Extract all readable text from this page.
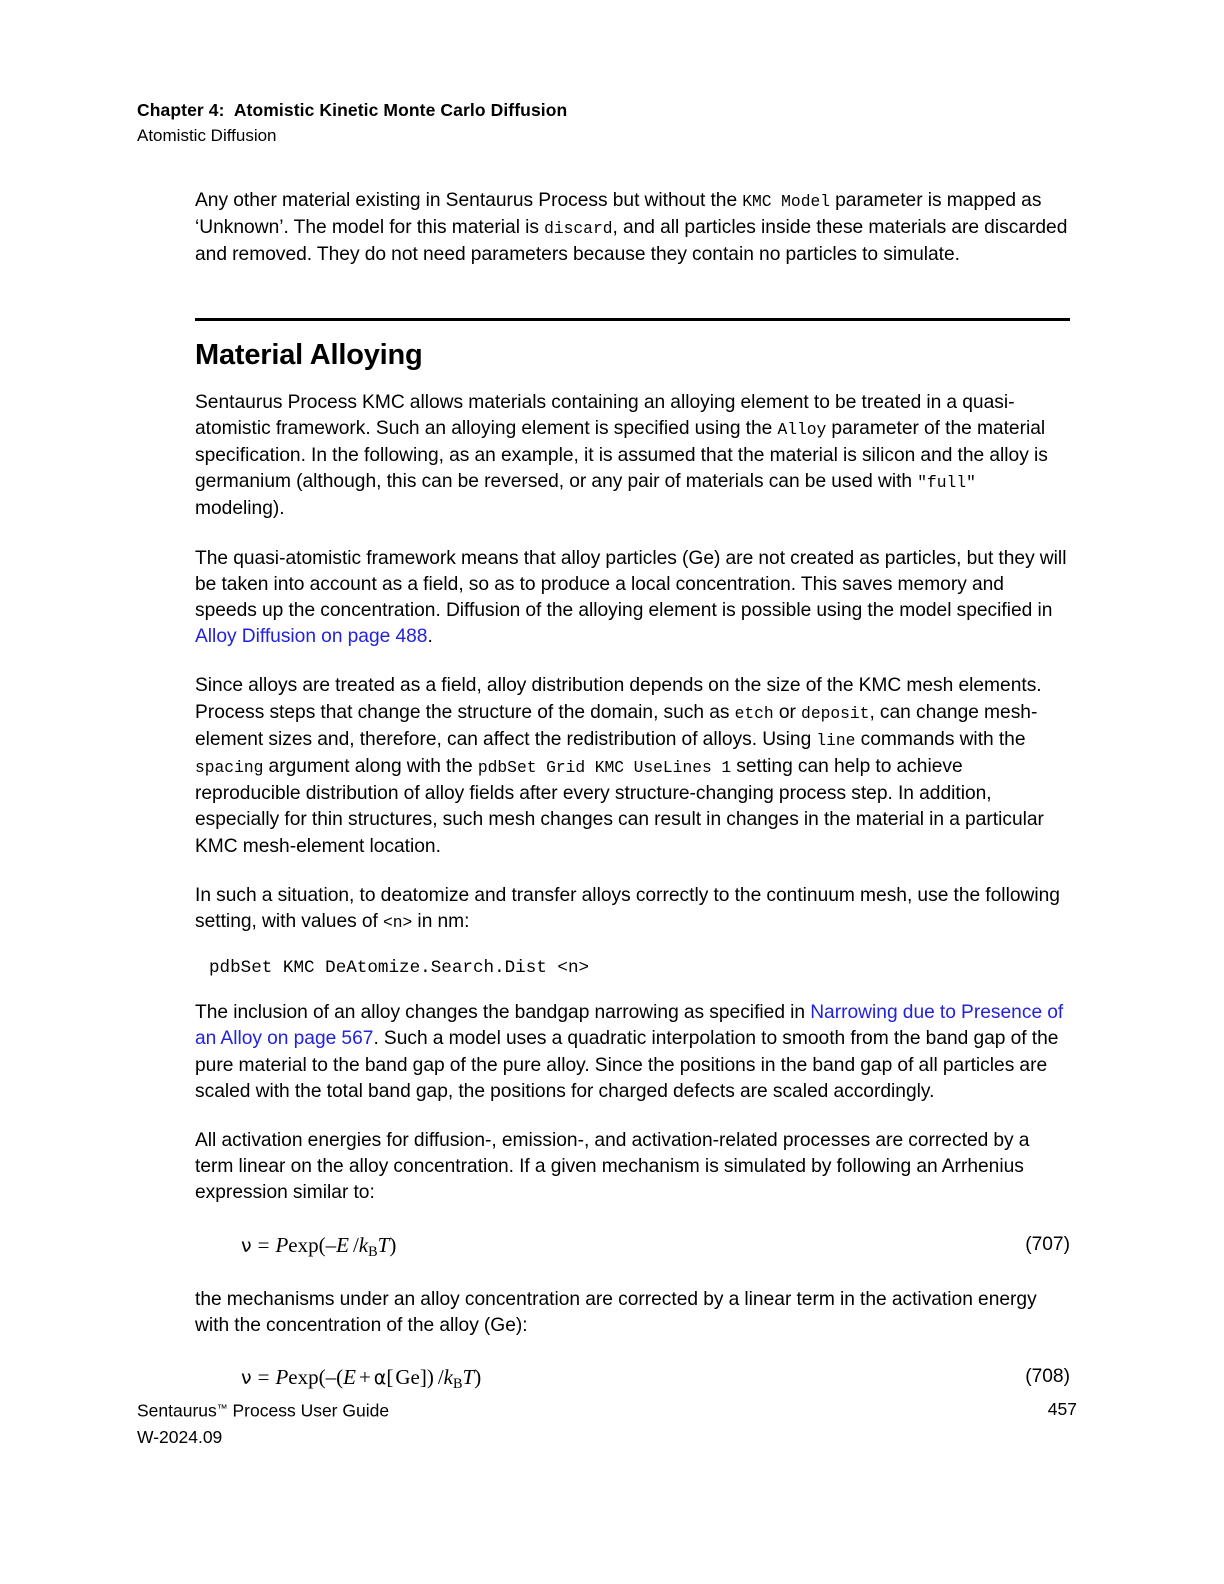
Chapter 4:  Atomistic Kinetic Monte Carlo Diffusion
Atomistic Diffusion

Any other material existing in Sentaurus Process but without the KMC Model parameter is mapped as ‘Unknown’. The model for this material is discard, and all particles inside these materials are discarded and removed. They do not need parameters because they contain no particles to simulate.

Material Alloying

Sentaurus Process KMC allows materials containing an alloying element to be treated in a quasi-atomistic framework. Such an alloying element is specified using the Alloy parameter of the material specification. In the following, as an example, it is assumed that the material is silicon and the alloy is germanium (although, this can be reversed, or any pair of materials can be used with "full" modeling).

The quasi-atomistic framework means that alloy particles (Ge) are not created as particles, but they will be taken into account as a field, so as to produce a local concentration. This saves memory and speeds up the concentration. Diffusion of the alloying element is possible using the model specified in Alloy Diffusion on page 488.

Since alloys are treated as a field, alloy distribution depends on the size of the KMC mesh elements. Process steps that change the structure of the domain, such as etch or deposit, can change mesh-element sizes and, therefore, can affect the redistribution of alloys. Using line commands with the spacing argument along with the pdbSet Grid KMC UseLines 1 setting can help to achieve reproducible distribution of alloy fields after every structure-changing process step. In addition, especially for thin structures, such mesh changes can result in changes in the material in a particular KMC mesh-element location.

In such a situation, to deatomize and transfer alloys correctly to the continuum mesh, use the following setting, with values of <n> in nm:

pdbSet KMC DeAtomize.Search.Dist <n>

The inclusion of an alloy changes the bandgap narrowing as specified in Narrowing due to Presence of an Alloy on page 567. Such a model uses a quadratic interpolation to smooth from the band gap of the pure material to the band gap of the pure alloy. Since the positions in the band gap of all particles are scaled with the total band gap, the positions for charged defects are scaled accordingly.

All activation energies for diffusion-, emission-, and activation-related processes are corrected by a term linear on the alloy concentration. If a given mechanism is simulated by following an Arrhenius expression similar to:

ν = Pexp(–E $/k_BT$)	(707)

the mechanisms under an alloy concentration are corrected by a linear term in the activation energy with the concentration of the alloy (Ge):

ν = Pexp(–(E + α[Ge]) $/k_BT$)	(708)
Sentaurus™ Process User Guide	457
W-2024.09
